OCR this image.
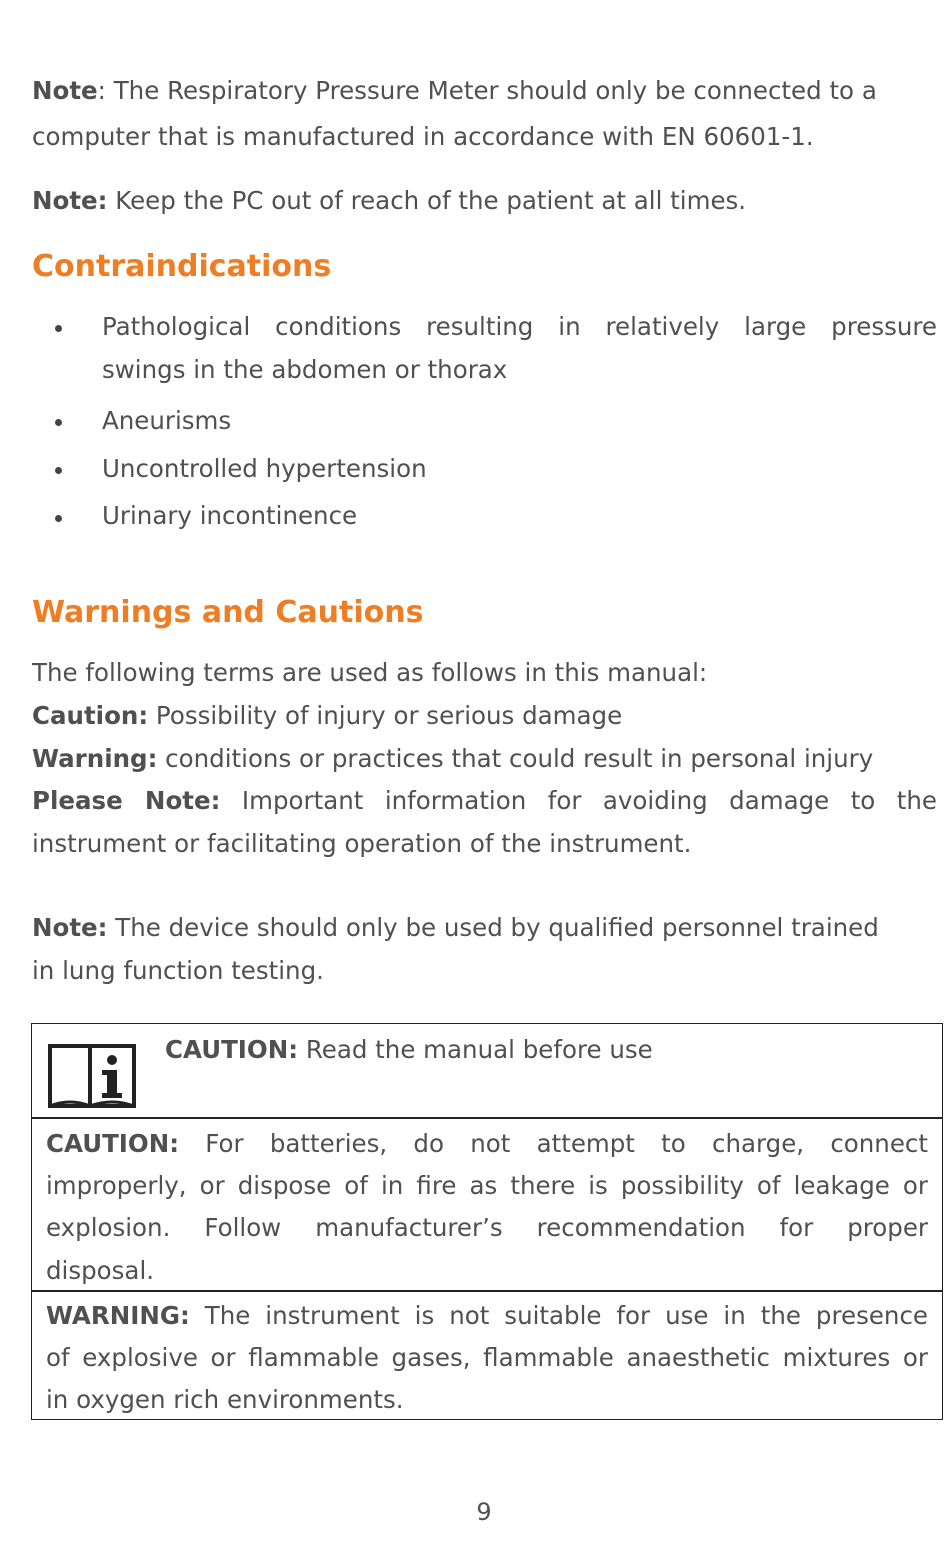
Note: The Respiratory Pressure Meter should only be connected to a
computer that is manufactured in accordance with EN 60601-1.
Note: Keep the PC out of reach of the patient at all times.
Contraindications
Pathological conditions resulting in relatively large pressure
swings in the abdomen or thorax
Aneurisms
Uncontrolled hypertension
Urinary incontinence
Warnings and Cautions
The following terms are used as follows in this manual:
Caution: Possibility of injury or serious damage
Warning: conditions or practices that could result in personal injury
Please Note: Important information for avoiding damage to the
instrument or facilitating operation of the instrument.
Note: The device should only be used by qualified personnel trained
in lung function testing.
CAUTION: Read the manual before use
CAUTION: For batteries, do not attempt to charge, connect
improperly, or dispose of in fire as there is possibility of leakage or
explosion. Follow manufacturer’s recommendation for proper
disposal.
WARNING: The instrument is not suitable for use in the presence
of explosive or flammable gases, flammable anaesthetic mixtures or
in oxygen rich environments.
9
